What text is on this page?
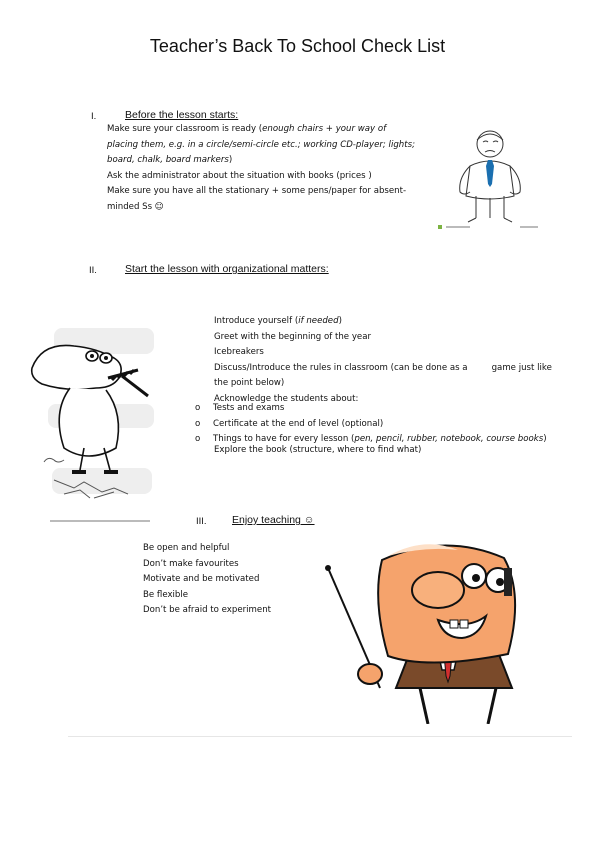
Teacher’s Back To School Check List
I.	Before the lesson starts:
Make sure your classroom is ready (enough chairs + your way of
placing them, e.g. in a circle/semi-circle etc.; working CD-player; lights;
board, chalk, board markers)
Ask the administrator about the situation with books (prices )
Make sure you have all the stationary + some pens/paper for absent-
minded Ss ☺
II.	Start the lesson with organizational matters:
Introduce yourself (if needed)
Greet with the beginning of the year
Icebreakers
Discuss/Introduce the rules in classroom (can be done as a	game just like
the point below)
Acknowledge the students about:
o Tests and exams
o Certificate at the end of level (optional)
o Things to have for every lesson (pen, pencil, rubber, notebook, course books)
Explore the book (structure, where to find what)
III. Enjoy teaching ☺
Be open and helpful
Don’t make favourites
Motivate and be motivated
Be flexible
Don’t be afraid to experiment
